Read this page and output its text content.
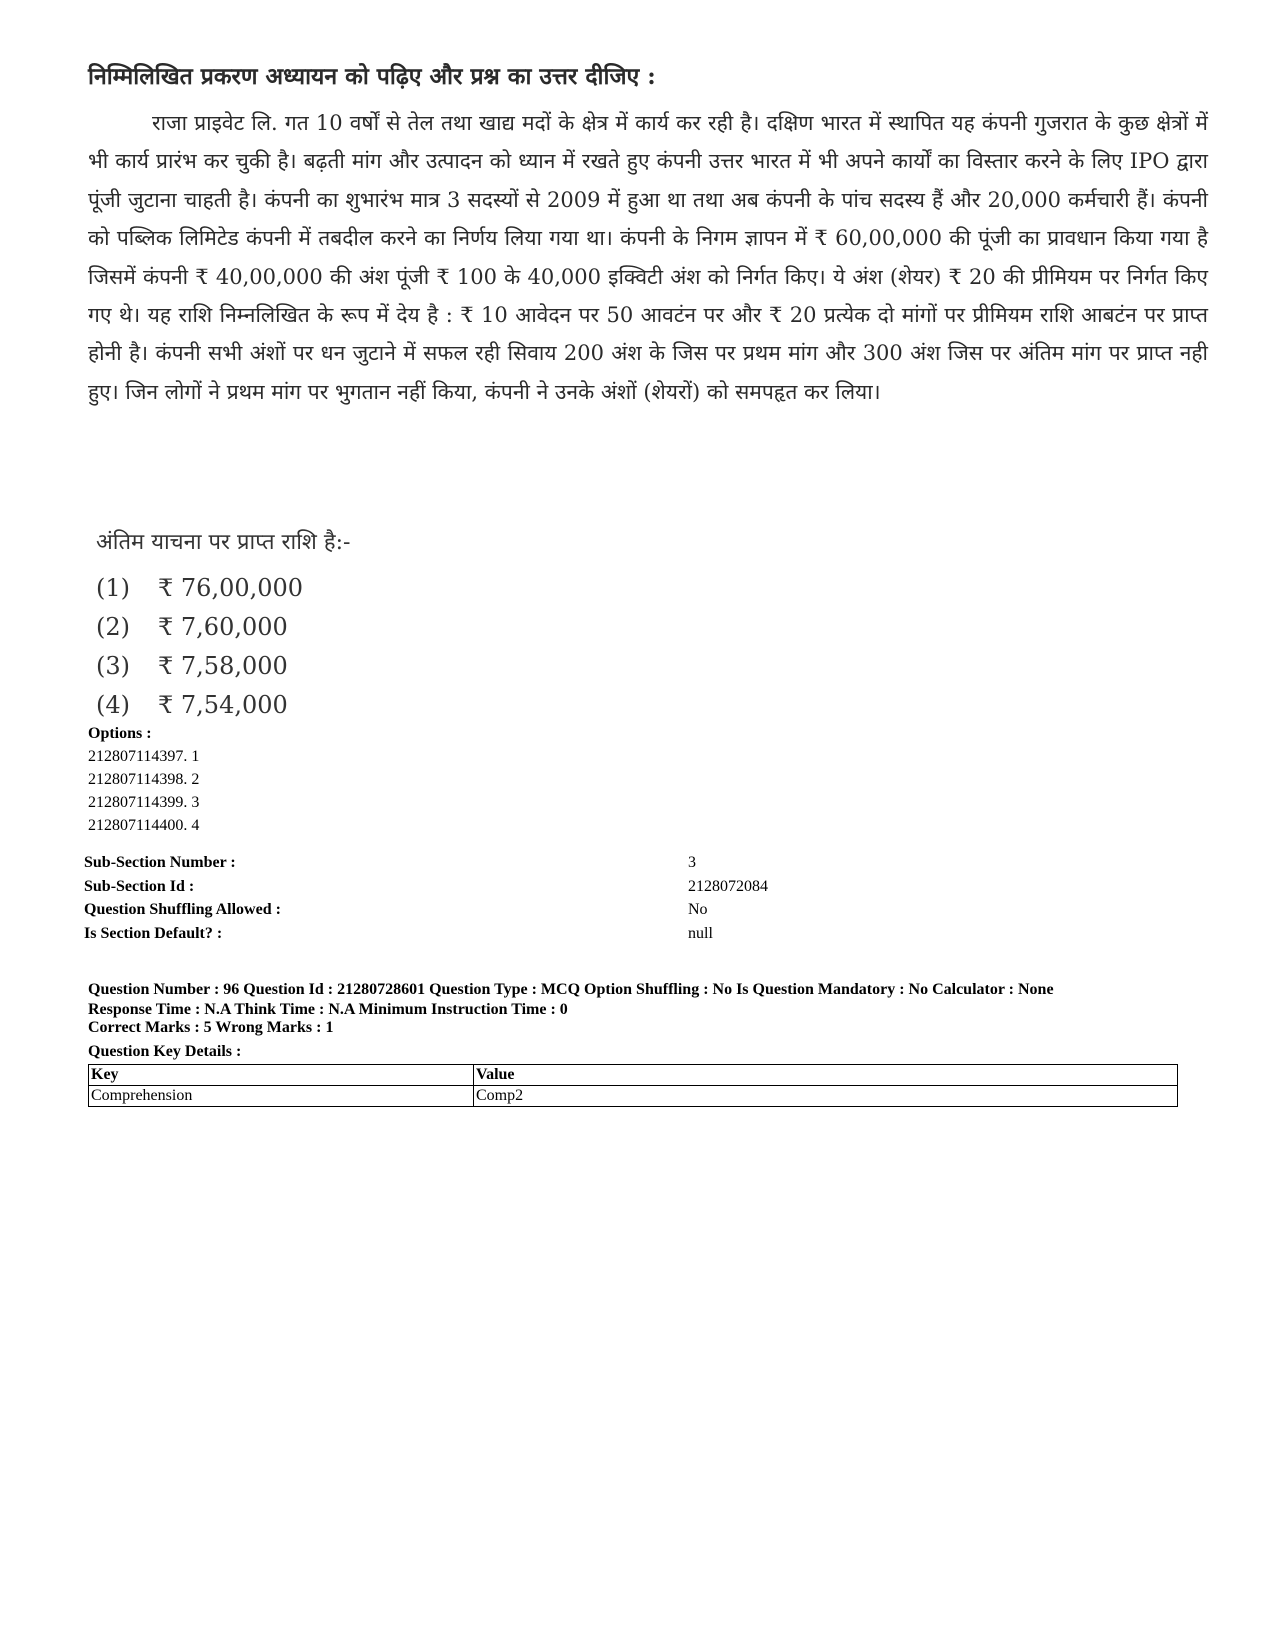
निम्मिलिखित प्रकरण अध्यायन को पढ़िए और प्रश्न का उत्तर दीजिए :

राजा प्राइवेट लि. गत 10 वर्षों से तेल तथा खाद्य मदों के क्षेत्र में कार्य कर रही है। दक्षिण भारत में स्थापित यह कंपनी गुजरात के कुछ क्षेत्रों में भी कार्य प्रारंभ कर चुकी है। बढ़ती मांग और उत्पादन को ध्यान में रखते हुए कंपनी उत्तर भारत में भी अपने कार्यों का विस्तार करने के लिए IPO द्वारा पूंजी जुटाना चाहती है। कंपनी का शुभारंभ मात्र 3 सदस्यों से 2009 में हुआ था तथा अब कंपनी के पांच सदस्य हैं और 20,000 कर्मचारी हैं। कंपनी को पब्लिक लिमिटेड कंपनी में तबदील करने का निर्णय लिया गया था। कंपनी के निगम ज्ञापन में ₹ 60,00,000 की पूंजी का प्रावधान किया गया है जिसमें कंपनी ₹ 40,00,000 की अंश पूंजी ₹ 100 के 40,000 इक्विटी अंश को निर्गत किए। ये अंश (शेयर) ₹ 20 की प्रीमियम पर निर्गत किए गए थे। यह राशि निम्नलिखित के रूप में देय है : ₹ 10 आवेदन पर 50 आवटंन पर और ₹ 20 प्रत्येक दो मांगों पर प्रीमियम राशि आबटंन पर प्राप्त होनी है। कंपनी सभी अंशों पर धन जुटाने में सफल रही सिवाय 200 अंश के जिस पर प्रथम मांग और 300 अंश जिस पर अंतिम मांग पर प्राप्त नही हुए। जिन लोगों ने प्रथम मांग पर भुगतान नहीं किया, कंपनी ने उनके अंशों (शेयरों) को समपहृत कर लिया।

अंतिम याचना पर प्राप्त राशि है:-
(1) ₹ 76,00,000
(2) ₹ 7,60,000
(3) ₹ 7,58,000
(4) ₹ 7,54,000
Options :
212807114397. 1
212807114398. 2
212807114399. 3
212807114400. 4
Sub-Section Number :	3
Sub-Section Id :	2128072084
Question Shuffling Allowed :	No
Is Section Default? :	null
Question Number : 96 Question Id : 21280728601 Question Type : MCQ Option Shuffling : No Is Question Mandatory : No Calculator : None
Response Time : N.A Think Time : N.A Minimum Instruction Time : 0
Correct Marks : 5 Wrong Marks : 1
Question Key Details :
Key	Value
Comprehension	Comp2
